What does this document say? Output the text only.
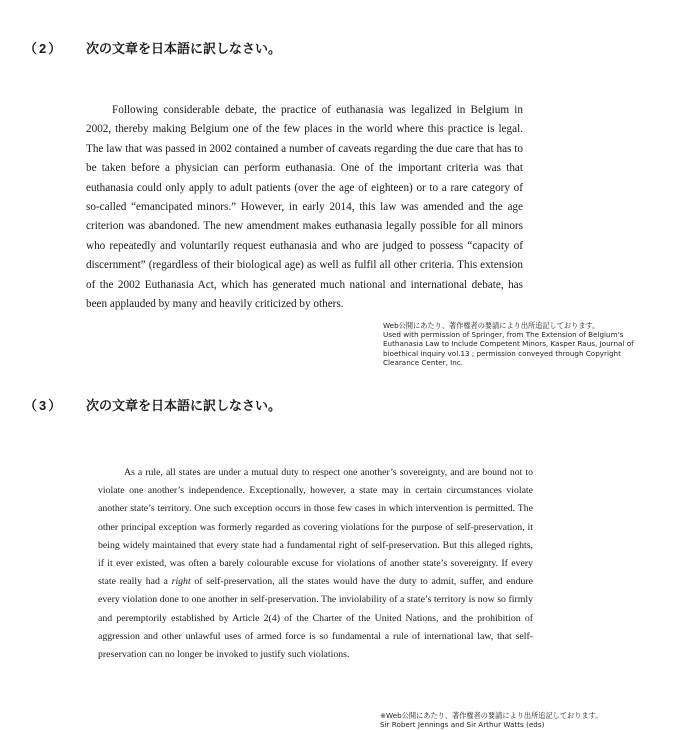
（2） 次の文章を日本語に訳しなさい。

Following considerable debate, the practice of euthanasia was legalized in Belgium in 2002, thereby making Belgium one of the few places in the world where this practice is legal. The law that was passed in 2002 contained a number of caveats regarding the due care that has to be taken before a physician can perform euthanasia. One of the important criteria was that euthanasia could only apply to adult patients (over the age of eighteen) or to a rare category of so-called “emancipated minors.” However, in early 2014, this law was amended and the age criterion was abandoned. The new amendment makes euthanasia legally possible for all minors who repeatedly and voluntarily request euthanasia and who are judged to possess “capacity of discernment” (regardless of their biological age) as well as fulfil all other criteria. This extension of the 2002 Euthanasia Act, which has generated much national and international debate, has been applauded by many and heavily criticized by others.

Web公開にあたり、著作権者の要請により出所追記しております。
Used with permission of Springer, from The Extension of Belgium's
Euthanasia Law to Include Competent Minors, Kasper Raus, Journal of
bioethical inquiry vol.13 ; permission conveyed through Copyright
Clearance Center, Inc.
（3） 次の文章を日本語に訳しなさい。

As a rule, all states are under a mutual duty to respect one another’s sovereignty, and are bound not to violate one another’s independence. Exceptionally, however, a state may in certain circumstances violate another state’s territory. One such exception occurs in those few cases in which intervention is permitted. The other principal exception was formerly regarded as covering violations for the purpose of self-preservation, it being widely maintained that every state had a fundamental right of self-preservation. But this alleged rights, if it ever existed, was often a barely colourable excuse for violations of another state’s sovereignty. If every state really had a right of self-preservation, all the states would have the duty to admit, suffer, and endure every violation done to one another in self-preservation. The inviolability of a state’s territory is now so firmly and peremptorily established by Article 2(4) of the Charter of the United Nations, and the prohibition of aggression and other unlawful uses of armed force is so fundamental a rule of international law, that self-preservation can no longer be invoked to justify such violations.

※Web公開にあたり、著作権者の要請により出所追記しております。
Sir Robert Jennings and Sir Arthur Watts (eds)
